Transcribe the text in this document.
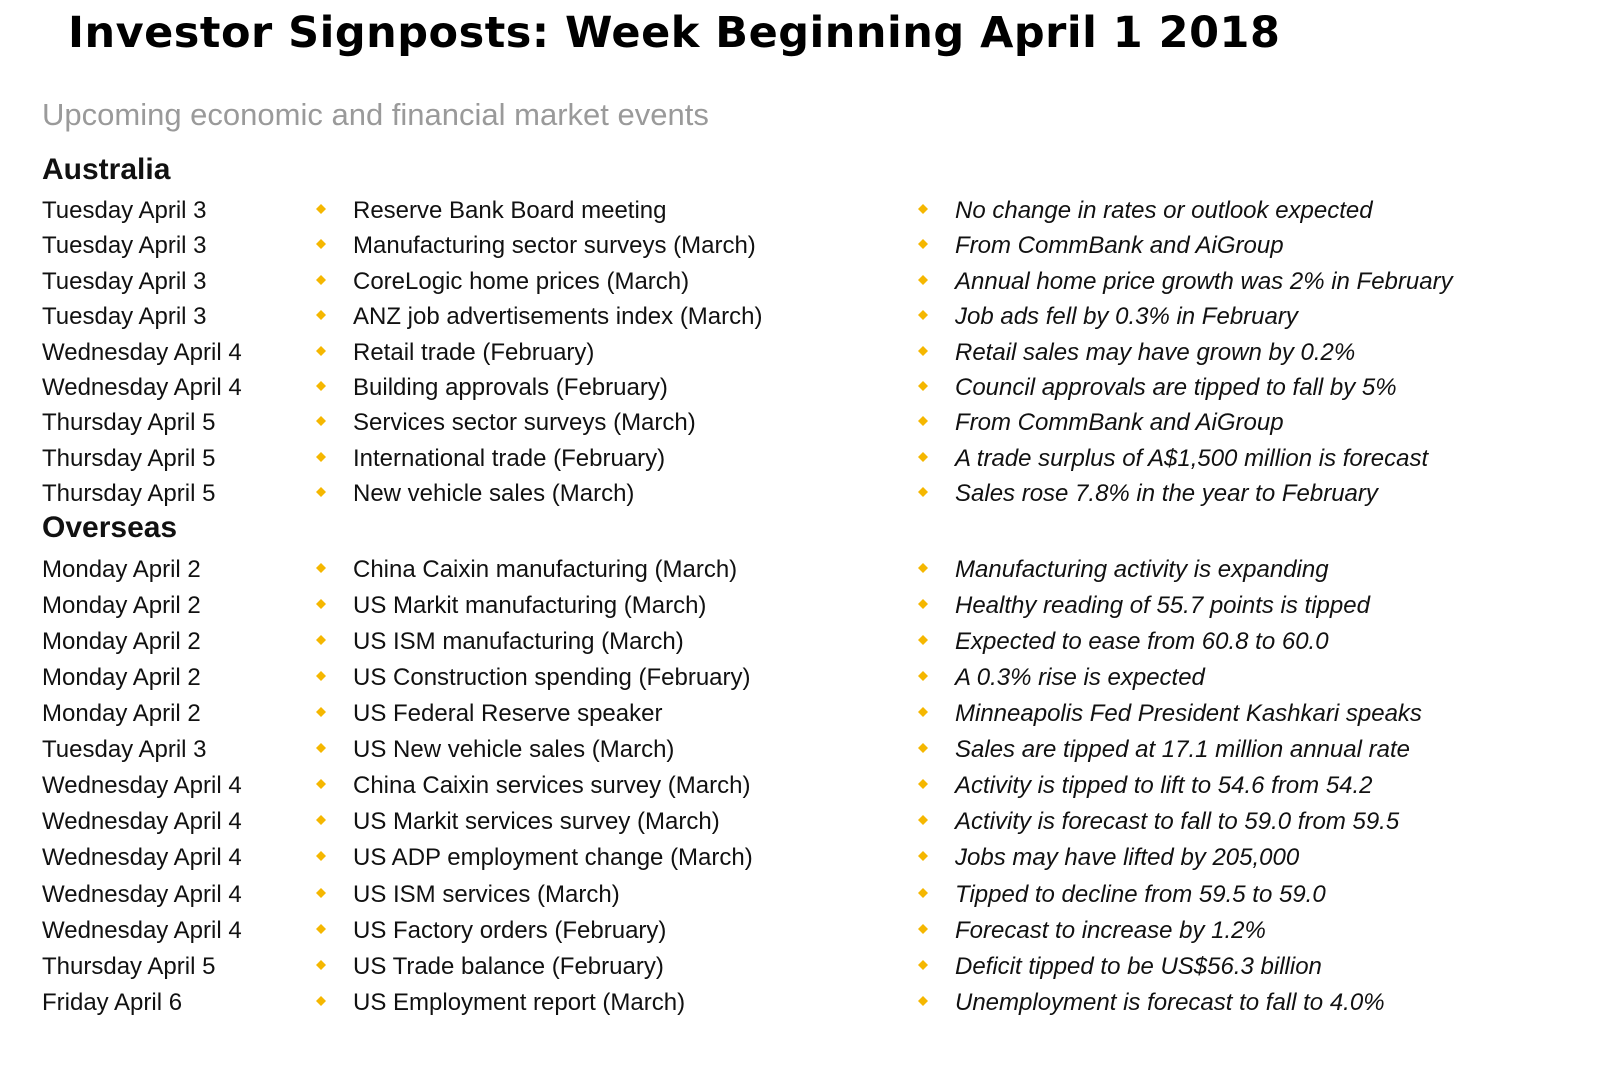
Investor Signposts: Week Beginning April 1 2018
Upcoming economic and financial market events
Australia
Tuesday April 3	Reserve Bank Board meeting	No change in rates or outlook expected
Tuesday April 3	Manufacturing sector surveys (March)	From CommBank and AiGroup
Tuesday April 3	CoreLogic home prices (March)	Annual home price growth was 2% in February
Tuesday April 3	ANZ job advertisements index (March)	Job ads fell by 0.3% in February
Wednesday April 4	Retail trade (February)	Retail sales may have grown by 0.2%
Wednesday April 4	Building approvals (February)	Council approvals are tipped to fall by 5%
Thursday April 5	Services sector surveys (March)	From CommBank and AiGroup
Thursday April 5	International trade (February)	A trade surplus of A$1,500 million is forecast
Thursday April 5	New vehicle sales (March)	Sales rose 7.8% in the year to February
Overseas
Monday April 2	China Caixin manufacturing (March)	Manufacturing activity is expanding
Monday April 2	US Markit manufacturing (March)	Healthy reading of 55.7 points is tipped
Monday April 2	US ISM manufacturing (March)	Expected to ease from 60.8 to 60.0
Monday April 2	US Construction spending (February)	A 0.3% rise is expected
Monday April 2	US Federal Reserve speaker	Minneapolis Fed President Kashkari speaks
Tuesday April 3	US New vehicle sales (March)	Sales are tipped at 17.1 million annual rate
Wednesday April 4	China Caixin services survey (March)	Activity is tipped to lift to 54.6 from 54.2
Wednesday April 4	US Markit services survey (March)	Activity is forecast to fall to 59.0 from 59.5
Wednesday April 4	US ADP employment change (March)	Jobs may have lifted by 205,000
Wednesday April 4	US ISM services (March)	Tipped to decline from 59.5 to 59.0
Wednesday April 4	US Factory orders (February)	Forecast to increase by 1.2%
Thursday April 5	US Trade balance (February)	Deficit tipped to be US$56.3 billion
Friday April 6	US Employment report (March)	Unemployment is forecast to fall to 4.0%
